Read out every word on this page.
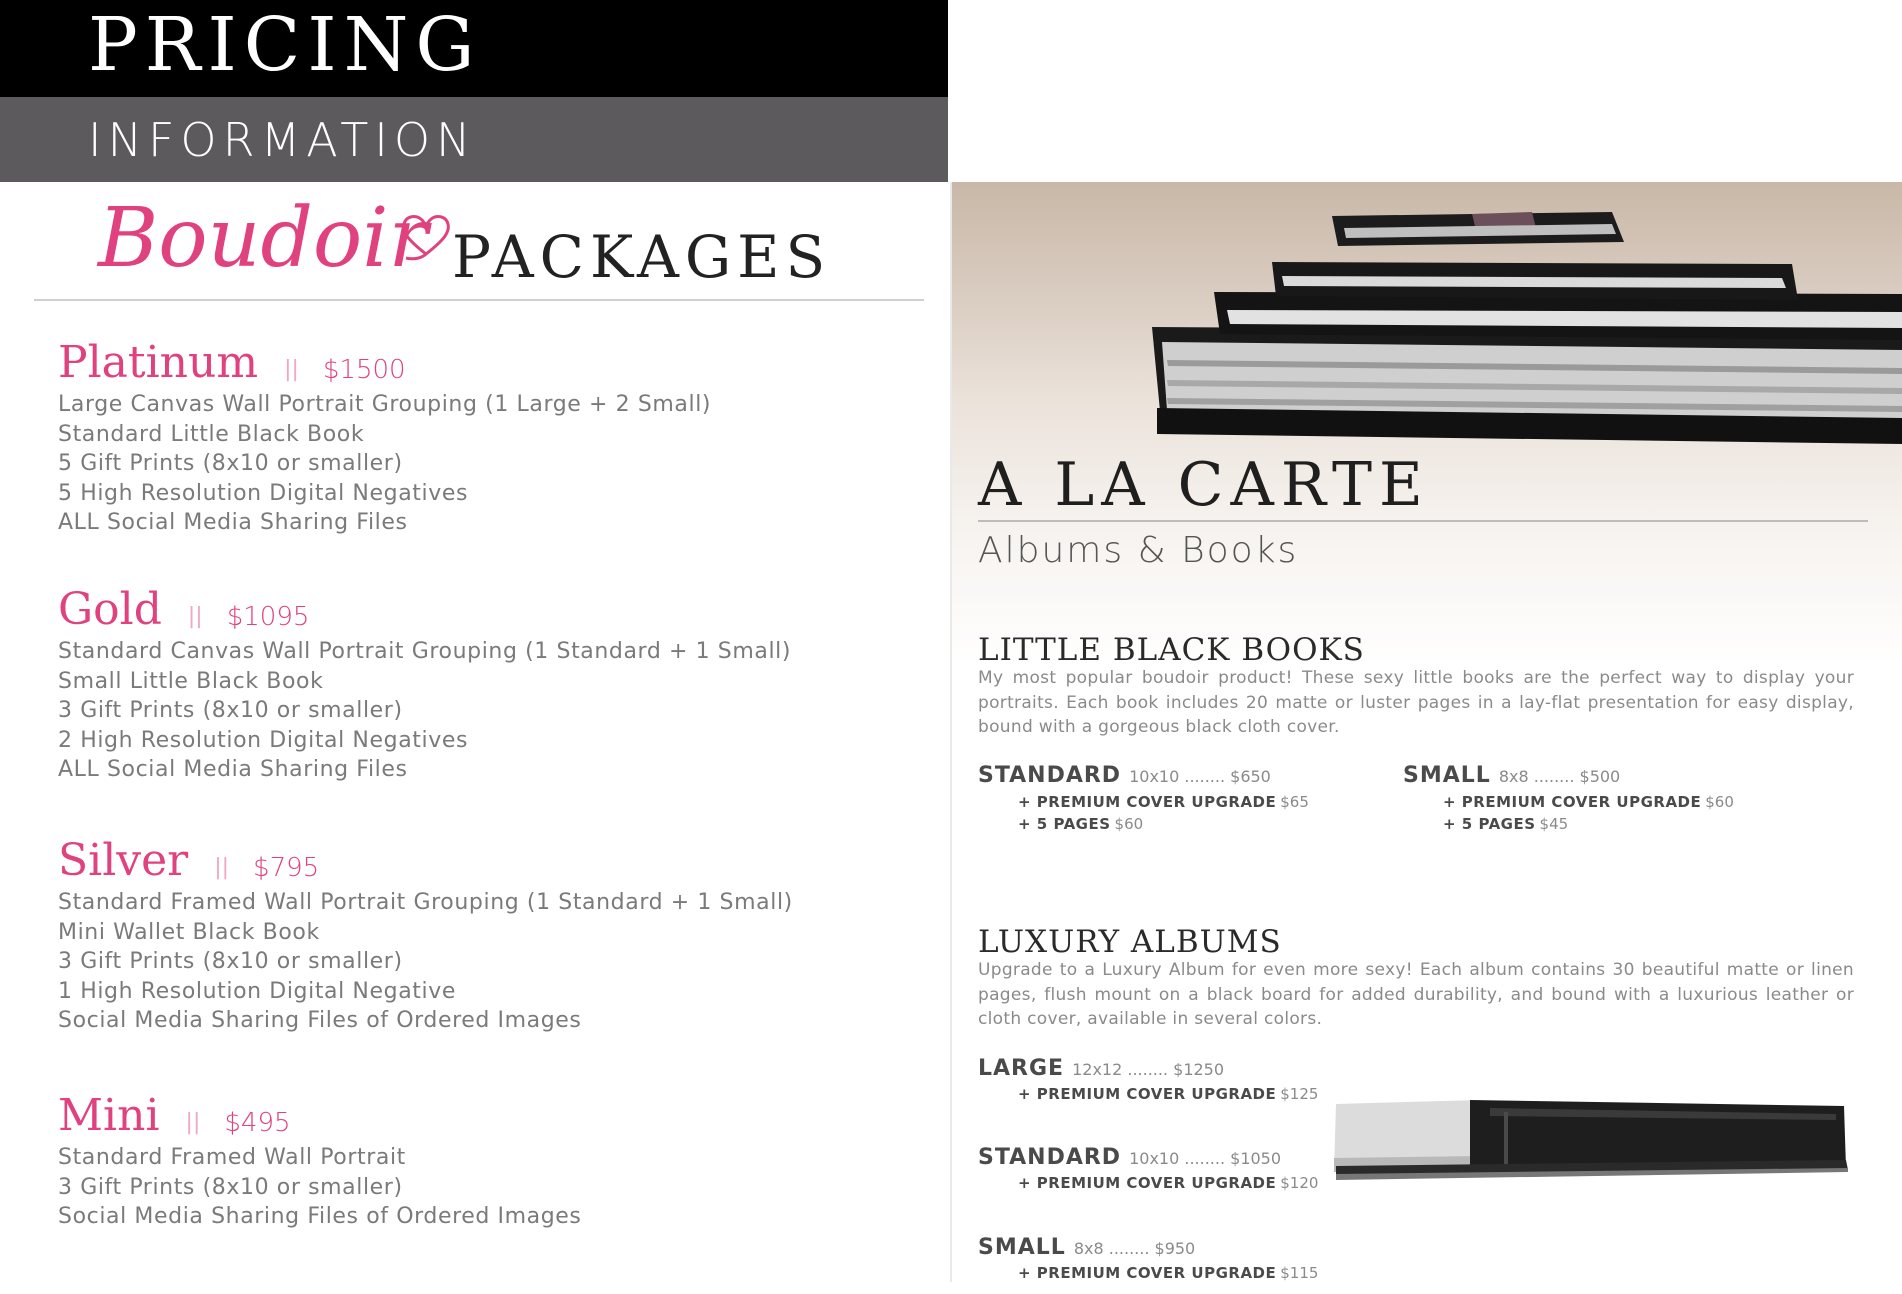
PRICING
INFORMATION
Boudoir PACKAGES
Platinum || $1500
Large Canvas Wall Portrait Grouping (1 Large + 2 Small)
Standard Little Black Book
5 Gift Prints (8x10 or smaller)
5 High Resolution Digital Negatives
ALL Social Media Sharing Files
Gold || $1095
Standard Canvas Wall Portrait Grouping (1 Standard + 1 Small)
Small Little Black Book
3 Gift Prints (8x10 or smaller)
2 High Resolution Digital Negatives
ALL Social Media Sharing Files
Silver || $795
Standard Framed Wall Portrait Grouping (1 Standard + 1 Small)
Mini Wallet Black Book
3 Gift Prints (8x10 or smaller)
1 High Resolution Digital Negative
Social Media Sharing Files of Ordered Images
Mini || $495
Standard Framed Wall Portrait
3 Gift Prints (8x10 or smaller)
Social Media Sharing Files of Ordered Images
A LA CARTE
Albums & Books
LITTLE BLACK BOOKS
My most popular boudoir product! These sexy little books are the perfect way to display your portraits. Each book includes 20 matte or luster pages in a lay-flat presentation for easy display, bound with a gorgeous black cloth cover.
STANDARD 10x10 ........ $650
+ PREMIUM COVER UPGRADE $65
+ 5 PAGES $60
SMALL 8x8 ........ $500
+ PREMIUM COVER UPGRADE $60
+ 5 PAGES $45
LUXURY ALBUMS
Upgrade to a Luxury Album for even more sexy! Each album contains 30 beautiful matte or linen pages, flush mount on a black board for added durability, and bound with a luxurious leather or cloth cover, available in several colors.
LARGE 12x12 ........ $1250
+ PREMIUM COVER UPGRADE $125
STANDARD 10x10 ........ $1050
+ PREMIUM COVER UPGRADE $120
SMALL 8x8 ........ $950
+ PREMIUM COVER UPGRADE $115
